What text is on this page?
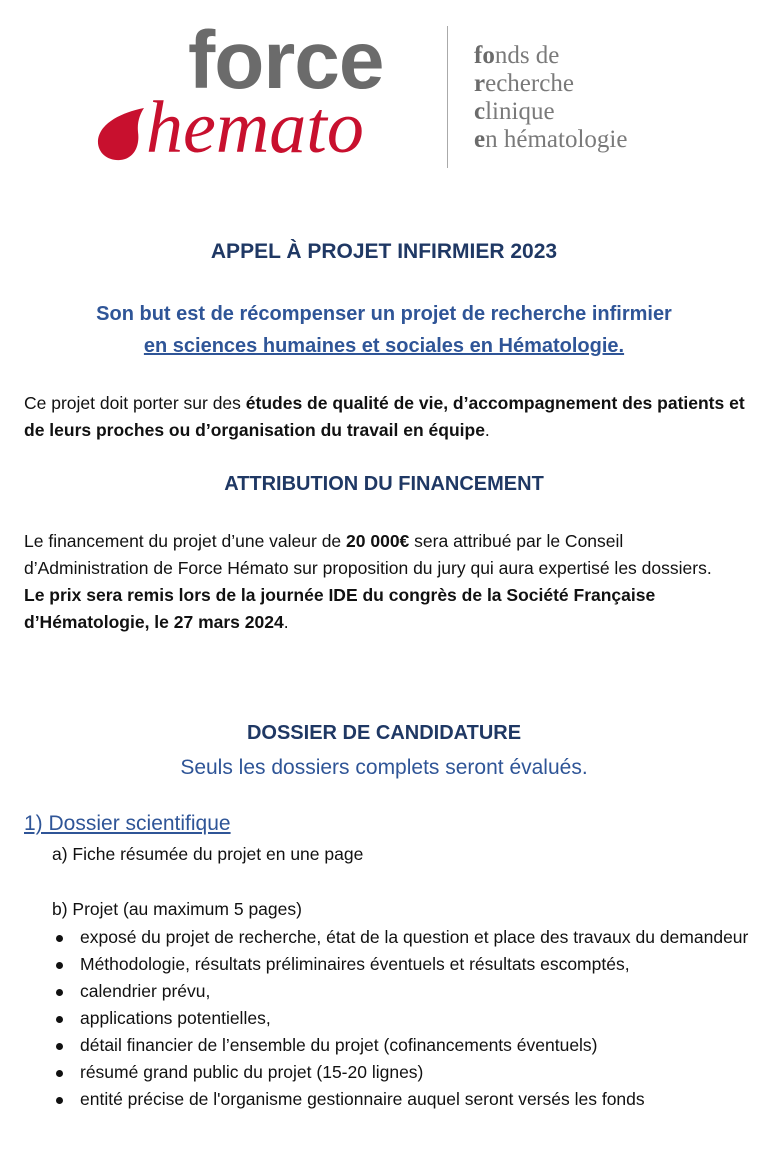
force
hemato
fonds de
recherche
clinique
en hématologie
APPEL À PROJET INFIRMIER 2023
Son but est de récompenser un projet de recherche infirmier
en sciences humaines et sociales en Hématologie.
Ce projet doit porter sur des études de qualité de vie, d’accompagnement des patients et de leurs proches ou d’organisation du travail en équipe.
ATTRIBUTION DU FINANCEMENT
Le financement du projet d’une valeur de 20 000€ sera attribué par le Conseil d’Administration de Force Hémato sur proposition du jury qui aura expertisé les dossiers.
Le prix sera remis lors de la journée IDE du congrès de la Société Française d’Hématologie, le 27 mars 2024.
DOSSIER DE CANDIDATURE
Seuls les dossiers complets seront évalués.
1) Dossier scientifique
a) Fiche résumée du projet en une page
b) Projet (au maximum 5 pages)
exposé du projet de recherche, état de la question et place des travaux du demandeur
Méthodologie, résultats préliminaires éventuels et résultats escomptés,
calendrier prévu,
applications potentielles,
détail financier de l’ensemble du projet (cofinancements éventuels)
résumé grand public du projet (15-20 lignes)
entité précise de l'organisme gestionnaire auquel seront versés les fonds
